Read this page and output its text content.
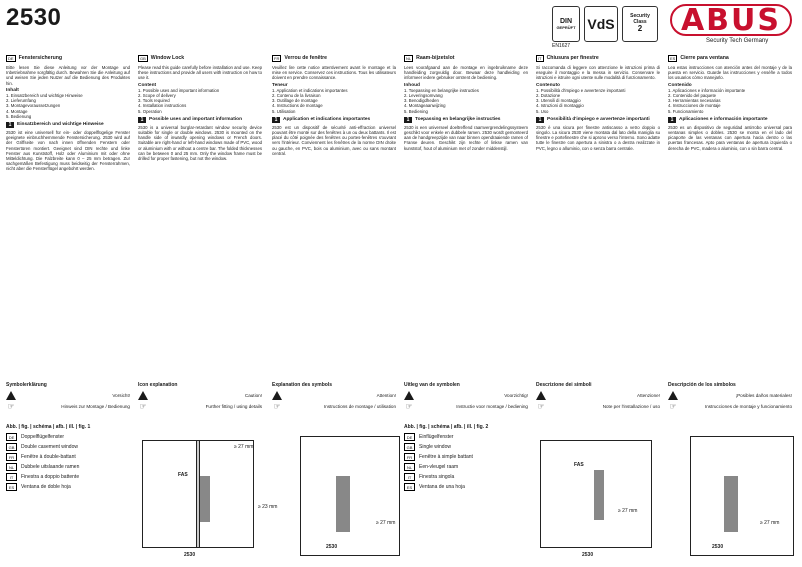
2530	DIN
GEPRÜFT VdS	Security Class
2
EN1627
ABUS
Security Tech Germany
DE Fenstersicherung

Bitte lesen Sie diese Anleitung vor der Montage und Inbetriebnahme sorgfältig durch. Bewahren Sie die Anleitung auf und weisen Sie jeden Nutzer auf die Bedienung des Produktes hin.

Inhalt
1. Einsatzbereich und wichtige Hinweise
2. Lieferumfang
3. Montagevoraussetzungen
4. Montage
5. Bedienung
1	Einsatzbereich und wichtige Hinweise

2530 ist eine universell für ein- oder doppelflügelige Fenster geeignete einbruchhemmende Fenstersicherung. 2530 wird auf der Griffseite von nach innen öffnenden Fenstern oder Fenstertüren montiert. Geeignet sind DIN rechte und linke Fenster aus Kunststoff, Holz oder Aluminium mit oder ohne Mitteldichtung. Die Falzbreite kann 0 – 25 mm betragen. Zur sachgemäßen Befestigung muss beidseitig der Fensterrahmen, nicht aber die Fensterflügel angebohrt werden.

GB Window Lock

Please read this guide carefully before installation and use. Keep these instructions and provide all users with instruction on how to use it.

Content
1. Possible uses and important information
2. Scope of delivery
3. Tools required
4. Installation instructions
5. Operation
1	Possible uses and important information

2530 is a universal burglar-retardant window security device suitable for single or double windows. 2530 is mounted on the handle side of inwardly opening windows or French doors. Suitable are right-hand or left-hand windows made of PVC, wood or aluminium with or without a centre bar. The folded thicknesses can be between 0 and 25 mm. Only the window frame must be drilled for proper fastening, but not the window.

FR Verrou de fenêtre

Veuillez lire cette notice attentivement avant le montage et la mise en service. Conservez ces instructions. Tous les utilisateurs doivent en prendre connaissance.

Teneur
1. Application et indications importantes
2. Contenu de la livraison
3. Outillage de montage
4. Instructions de montage
5. Utilisation
1	Application et indications importantes

2530 est un dispositif de sécurité anti-effraction universel pouvant être monté sur des fenêtres à un ou deux battants. Il est placé du côté poignée des fenêtres ou portes-fenêtres s'ouvrant vers l'intérieur. Conviennent les fenêtres de la norme DIN droite ou gauche, en PVC, bois ou aluminium, avec ou sans montant central.

NL Raam-bijzetslot

Lees voorafgaand aan de montage en ingebruikname deze handleiding zorgvuldig door. Bewaar deze handleiding en informeer iedere gebruiker omtrent de bediening.

Inhoud
1. Toepassing en belangrijke instructies
2. Leveringsomvang
3. Benodigdheden
4. Montageaanwijzing
5. Bediening
1	Toepassing en belangrijke instructies

2530 is een universeel doeltreffend raamvergrendelingssysteem geschikt voor enkele en dubbele ramen. 2530 wordt gemonteerd aan de handgreepzijde van naar binnen opendraaiende ramen of Franse deuren. Geschikt zijn rechte of linkse ramen van kunststof, hout of aluminium met of zonder middenstijl.

IT Chiusura per finestre

Si raccomanda di leggere con attenzione le istruzioni prima di eseguire il montaggio e la messa in servizio. Conservare le istruzioni e istruire ogni utente sulle modalità di funzionamento.

Contenuto
1. Possibilità d'impiego e avvertenze importanti
2. Dotazione
3. Utensili di montaggio
4. Istruzioni di montaggio
5. Uso
1	Possibilità d'impiego e avvertenze importanti

2530 è una sicura per finestre antiscasso a vetro doppio o singolo. La sicura 2530 viene montata dal lato della maniglia su finestre e portefinestre che si aprono verso l'interno. Sono adatte tutte le finestre con apertura a sinistra o a destra realizzate in PVC, legno o alluminio, con o senza barra centrale.

ES Cierre para ventana

Lea estas instrucciones con atención antes del montaje y de la puesta en servicio. Guarde las instrucciones y enséñe a todos los usuarios cómo manejarlo.

Contenido
1. Aplicaciones e información importante
2. Contenido del paquete
3. Herramientas necesarias
4. Instrucciones de montaje
5. Funcionamiento
1	Aplicaciones e información importante

2530 es un dispositivo de seguridad antirrobo universal para ventanas simples o dobles. 2530 se monta en el lado del picaporte de las ventanas con apertura hacia dentro o las puertas francesas. Apto para ventanas de apertura izquierda o derecha de PVC, madera o aluminio, con o sin barra central.

Symbolerklärung
Vorsicht!
☞	Hinweis zur Montage / Bedienung
Icon explanation
Caution!
☞	Further fitting / using details
Explanation des symbols
Attention!
☞	Instructions de montage / utilisation
Uitleg van de symbolen
Voorzichtig!
☞	Instructie voor montage / bediening
Descrizione dei simboli
Attenzione!
☞	Note per l'installazione / uso
Descripción de los símbolos
¡Posibles daños materiales!
☞	Instrucciones de montaje y funcionamiento
Abb. | fig. | schéma | afb. | ill. | fig. 1
DE	Doppelflügelfenster
GB	Double casement window
FR	Fenêtre à double-battant
NL	Dubbele uitslaande ramen
IT	Finestra a doppio battente
ES	Ventana de doble hoja
FAS
2530
≥ 27 mm
≥ 23 mm
2530
≥ 27 mm
Abb. | fig. | schéma | afb. | ill. | fig. 2
DE	Einflügelfenster
GB	Single window
FR	Fenêtre à simple battant
NL	Een-vleugel raam
IT	Finestra singola
ES	Ventana de una hoja
FAS
2530
≥ 27 mm
2530
≥ 27 mm
